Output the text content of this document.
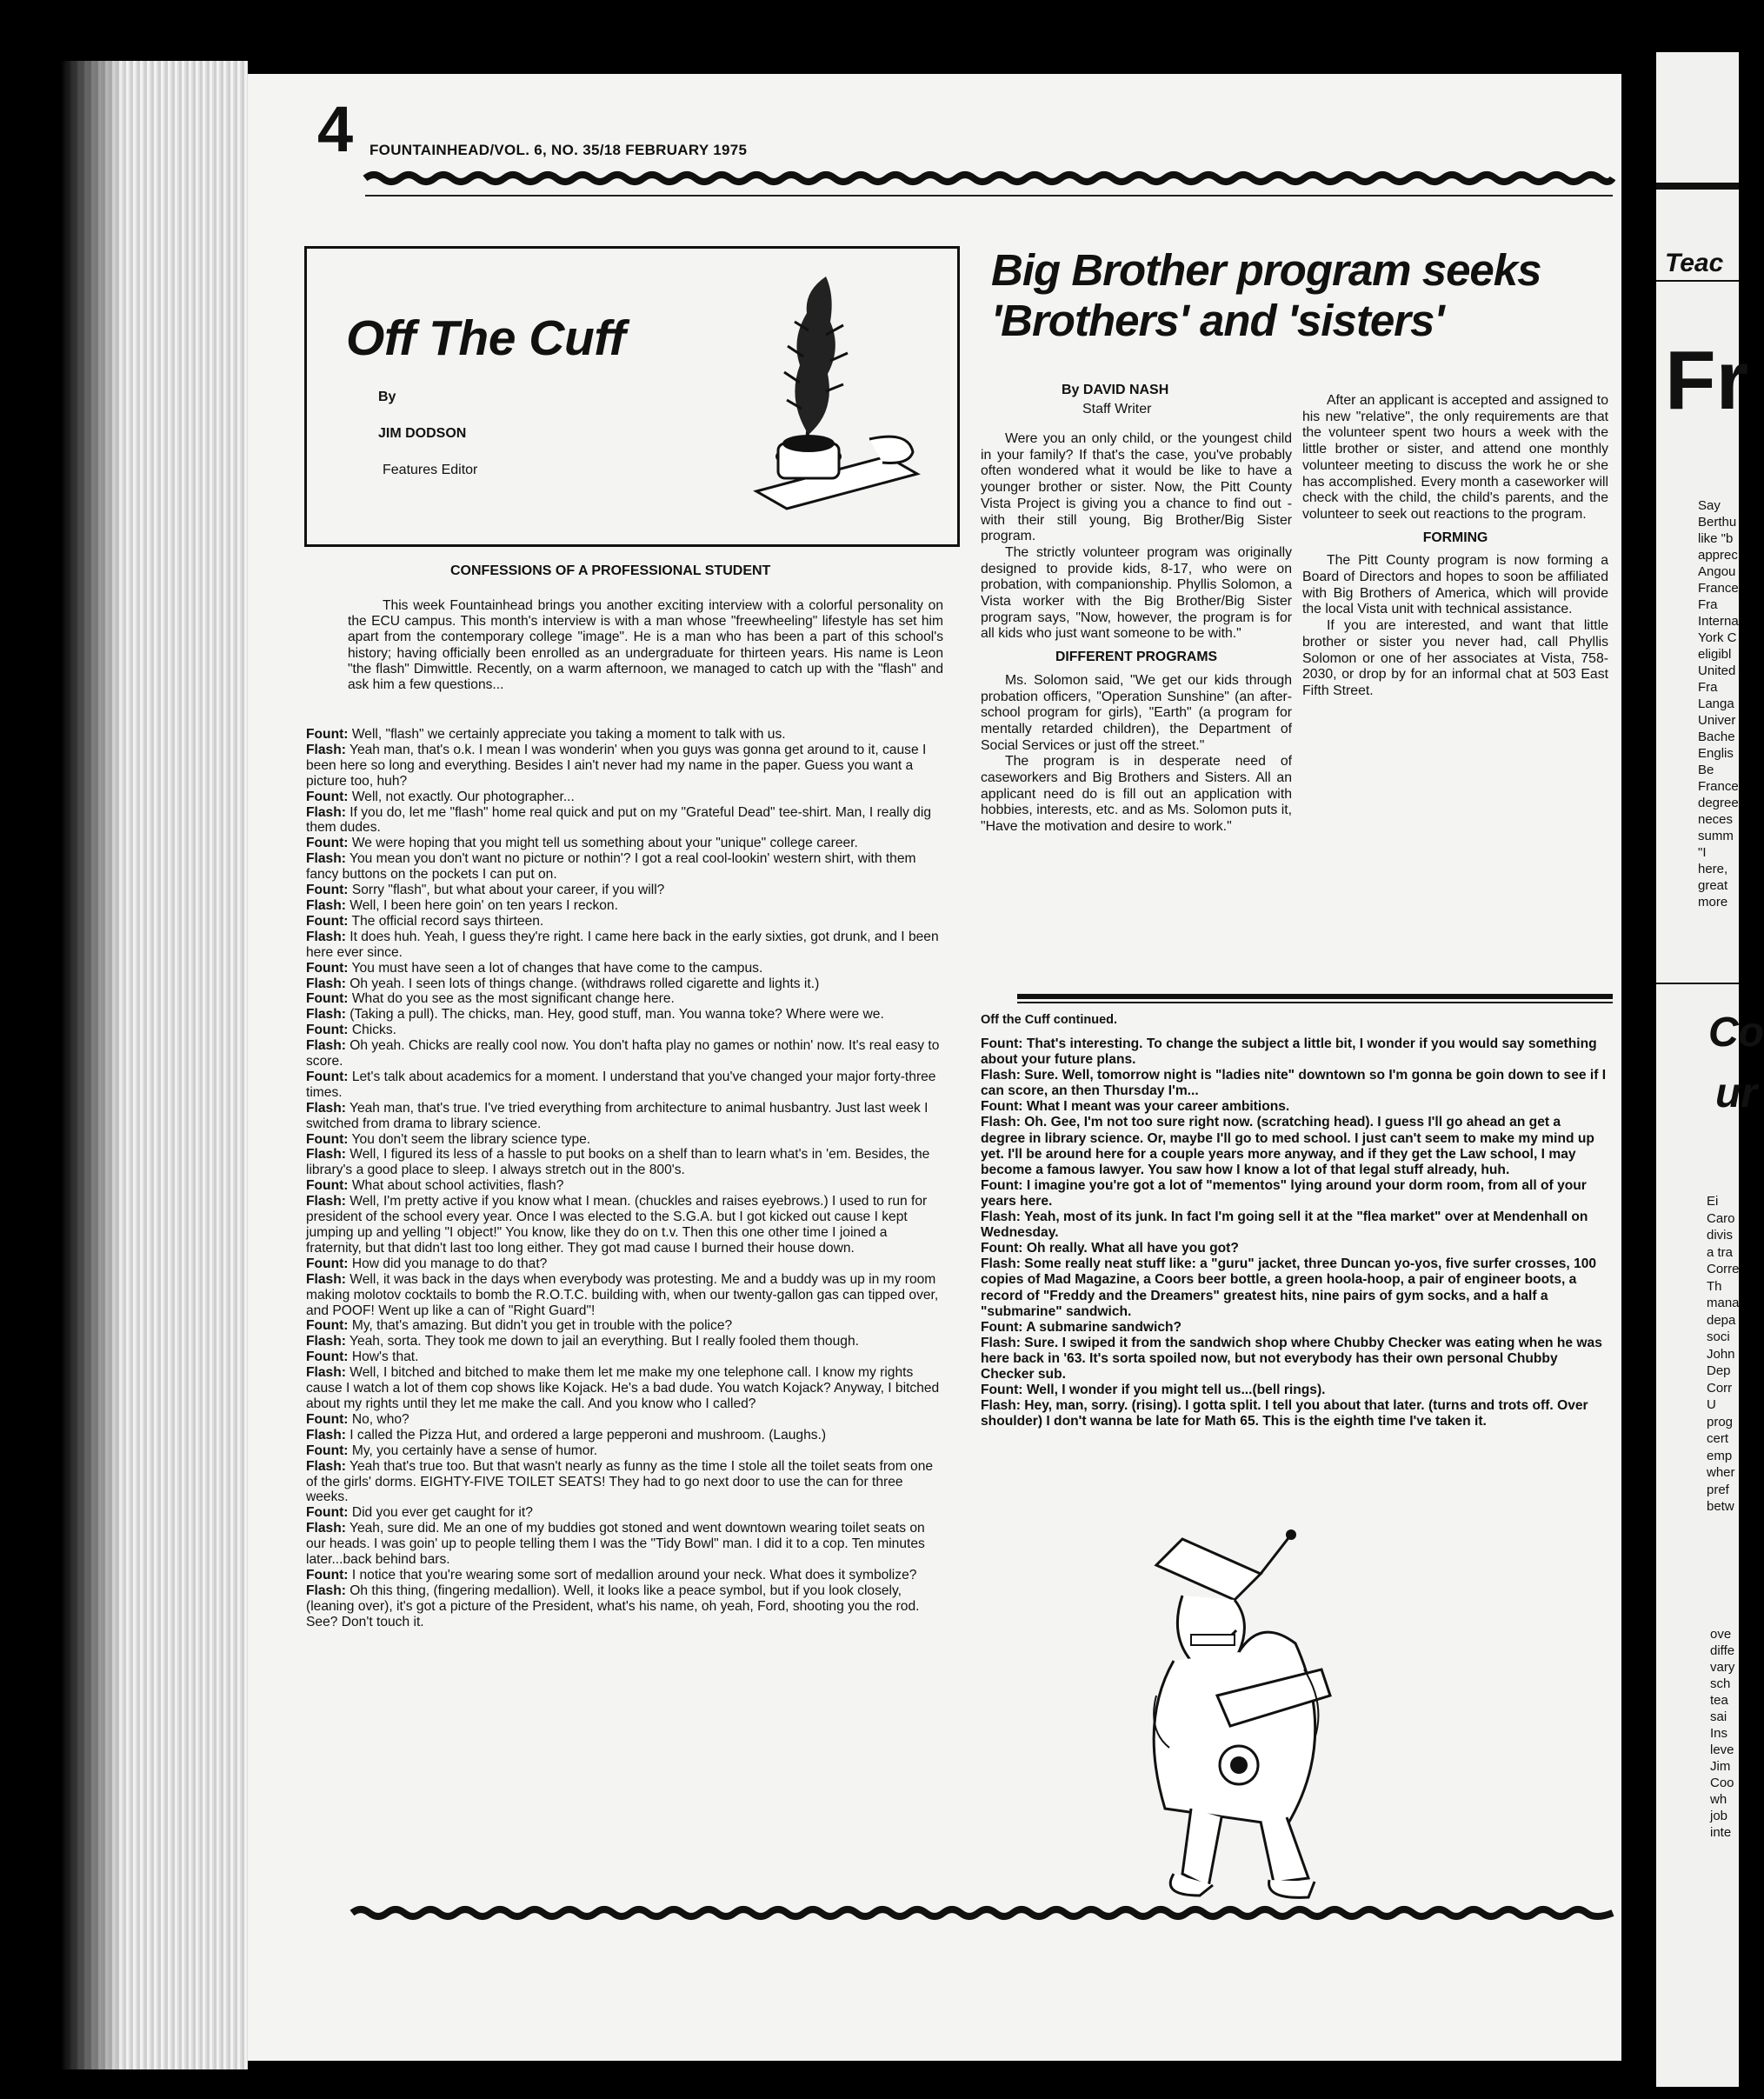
Teac
Fr
Say
Berthu
like "b
apprec
Angou
France
Fra
Interna
York C
eligibl
United
Fra
Langa
Univer
Bache
Englis
Be
France
degree
neces
summ
"I
here,
great
more
Co
ur
Ei
Caro
divis
a tra
Corre
Th
mana
depa
soci
John
Dep
Corr
U
prog
cert
emp
wher
pref
betw
ove
diffe
vary
sch
tea
sai
Ins
leve
Jim
Coo
wh
job
inte
4 FOUNTAINHEAD/VOL. 6, NO. 35/18 FEBRUARY 1975
Off The Cuff
By
JIM DODSON
Features Editor
CONFESSIONS OF A PROFESSIONAL STUDENT
This week Fountainhead brings you another exciting interview with a colorful personality on the ECU campus. This month's interview is with a man whose "freewheeling" lifestyle has set him apart from the contemporary college "image". He is a man who has been a part of this school's history; having officially been enrolled as an undergraduate for thirteen years. His name is Leon "the flash" Dimwittle. Recently, on a warm afternoon, we managed to catch up with the "flash" and ask him a few questions...

Fount: Well, "flash" we certainly appreciate you taking a moment to talk with us.

Flash: Yeah man, that's o.k. I mean I was wonderin' when you guys was gonna get around to it, cause I been here so long and everything. Besides I ain't never had my name in the paper. Guess you want a picture too, huh?

Fount: Well, not exactly. Our photographer...

Flash: If you do, let me "flash" home real quick and put on my "Grateful Dead" tee-shirt. Man, I really dig them dudes.

Fount: We were hoping that you might tell us something about your "unique" college career.

Flash: You mean you don't want no picture or nothin'? I got a real cool-lookin' western shirt, with them fancy buttons on the pockets I can put on.

Fount: Sorry "flash", but what about your career, if you will?

Flash: Well, I been here goin' on ten years I reckon.

Fount: The official record says thirteen.

Flash: It does huh. Yeah, I guess they're right. I came here back in the early sixties, got drunk, and I been here ever since.

Fount: You must have seen a lot of changes that have come to the campus.

Flash: Oh yeah. I seen lots of things change. (withdraws rolled cigarette and lights it.)

Fount: What do you see as the most significant change here.

Flash: (Taking a pull). The chicks, man. Hey, good stuff, man. You wanna toke? Where were we.

Fount: Chicks.

Flash: Oh yeah. Chicks are really cool now. You don't hafta play no games or nothin' now. It's real easy to score.

Fount: Let's talk about academics for a moment. I understand that you've changed your major forty-three times.

Flash: Yeah man, that's true. I've tried everything from architecture to animal husbantry. Just last week I switched from drama to library science.

Fount: You don't seem the library science type.

Flash: Well, I figured its less of a hassle to put books on a shelf than to learn what's in 'em. Besides, the library's a good place to sleep. I always stretch out in the 800's.

Fount: What about school activities, flash?

Flash: Well, I'm pretty active if you know what I mean. (chuckles and raises eyebrows.) I used to run for president of the school every year. Once I was elected to the S.G.A. but I got kicked out cause I kept jumping up and yelling "I object!" You know, like they do on t.v. Then this one other time I joined a fraternity, but that didn't last too long either. They got mad cause I burned their house down.

Fount: How did you manage to do that?

Flash: Well, it was back in the days when everybody was protesting. Me and a buddy was up in my room making molotov cocktails to bomb the R.O.T.C. building with, when our twenty-gallon gas can tipped over, and POOF! Went up like a can of "Right Guard"!

Fount: My, that's amazing. But didn't you get in trouble with the police?

Flash: Yeah, sorta. They took me down to jail an everything. But I really fooled them though.

Fount: How's that.

Flash: Well, I bitched and bitched to make them let me make my one telephone call. I know my rights cause I watch a lot of them cop shows like Kojack. He's a bad dude. You watch Kojack? Anyway, I bitched about my rights until they let me make the call. And you know who I called?

Fount: No, who?

Flash: I called the Pizza Hut, and ordered a large pepperoni and mushroom. (Laughs.)

Fount: My, you certainly have a sense of humor.

Flash: Yeah that's true too. But that wasn't nearly as funny as the time I stole all the toilet seats from one of the girls' dorms. EIGHTY-FIVE TOILET SEATS! They had to go next door to use the can for three weeks.

Fount: Did you ever get caught for it?

Flash: Yeah, sure did. Me an one of my buddies got stoned and went downtown wearing toilet seats on our heads. I was goin' up to people telling them I was the "Tidy Bowl" man. I did it to a cop. Ten minutes later...back behind bars.

Fount: I notice that you're wearing some sort of medallion around your neck. What does it symbolize?

Flash: Oh this thing, (fingering medallion). Well, it looks like a peace symbol, but if you look closely, (leaning over), it's got a picture of the President, what's his name, oh yeah, Ford, shooting you the rod. See? Don't touch it.

Big Brother program seeks
'Brothers' and 'sisters'
By DAVID NASH
Staff Writer

Were you an only child, or the youngest child in your family? If that's the case, you've probably often wondered what it would be like to have a younger brother or sister. Now, the Pitt County Vista Project is giving you a chance to find out - with their still young, Big Brother/Big Sister program.

The strictly volunteer program was originally designed to provide kids, 8-17, who were on probation, with companionship. Phyllis Solomon, a Vista worker with the Big Brother/Big Sister program says, "Now, however, the program is for all kids who just want someone to be with."

DIFFERENT PROGRAMS

Ms. Solomon said, "We get our kids through probation officers, "Operation Sunshine" (an after-school program for girls), "Earth" (a program for mentally retarded children), the Department of Social Services or just off the street."

The program is in desperate need of caseworkers and Big Brothers and Sisters. All an applicant need do is fill out an application with hobbies, interests, etc. and as Ms. Solomon puts it, "Have the motivation and desire to work."

After an applicant is accepted and assigned to his new "relative", the only requirements are that the volunteer spent two hours a week with the little brother or sister, and attend one monthly volunteer meeting to discuss the work he or she has accomplished. Every month a caseworker will check with the child, the child's parents, and the volunteer to seek out reactions to the program.

FORMING

The Pitt County program is now forming a Board of Directors and hopes to soon be affiliated with Big Brothers of America, which will provide the local Vista unit with technical assistance.

If you are interested, and want that little brother or sister you never had, call Phyllis Solomon or one of her associates at Vista, 758-2030, or drop by for an informal chat at 503 East Fifth Street.

Off the Cuff continued.

Fount: That's interesting. To change the subject a little bit, I wonder if you would say something about your future plans.

Flash: Sure. Well, tomorrow night is "ladies nite" downtown so I'm gonna be goin down to see if I can score, an then Thursday I'm...

Fount: What I meant was your career ambitions.

Flash: Oh. Gee, I'm not too sure right now. (scratching head). I guess I'll go ahead an get a degree in library science. Or, maybe I'll go to med school. I just can't seem to make my mind up yet. I'll be around here for a couple years more anyway, and if they get the Law school, I may become a famous lawyer. You saw how I know a lot of that legal stuff already, huh.

Fount: I imagine you're got a lot of "mementos" lying around your dorm room, from all of your years here.

Flash: Yeah, most of its junk. In fact I'm going sell it at the "flea market" over at Mendenhall on Wednesday.

Fount: Oh really. What all have you got?

Flash: Some really neat stuff like: a "guru" jacket, three Duncan yo-yos, five surfer crosses, 100 copies of Mad Magazine, a Coors beer bottle, a green hoola-hoop, a pair of engineer boots, a record of "Freddy and the Dreamers" greatest hits, nine pairs of gym socks, and a half a "submarine" sandwich.

Fount: A submarine sandwich?

Flash: Sure. I swiped it from the sandwich shop where Chubby Checker was eating when he was here back in '63. It's sorta spoiled now, but not everybody has their own personal Chubby Checker sub.

Fount: Well, I wonder if you might tell us...(bell rings).

Flash: Hey, man, sorry. (rising). I gotta split. I tell you about that later. (turns and trots off. Over shoulder) I don't wanna be late for Math 65. This is the eighth time I've taken it.
